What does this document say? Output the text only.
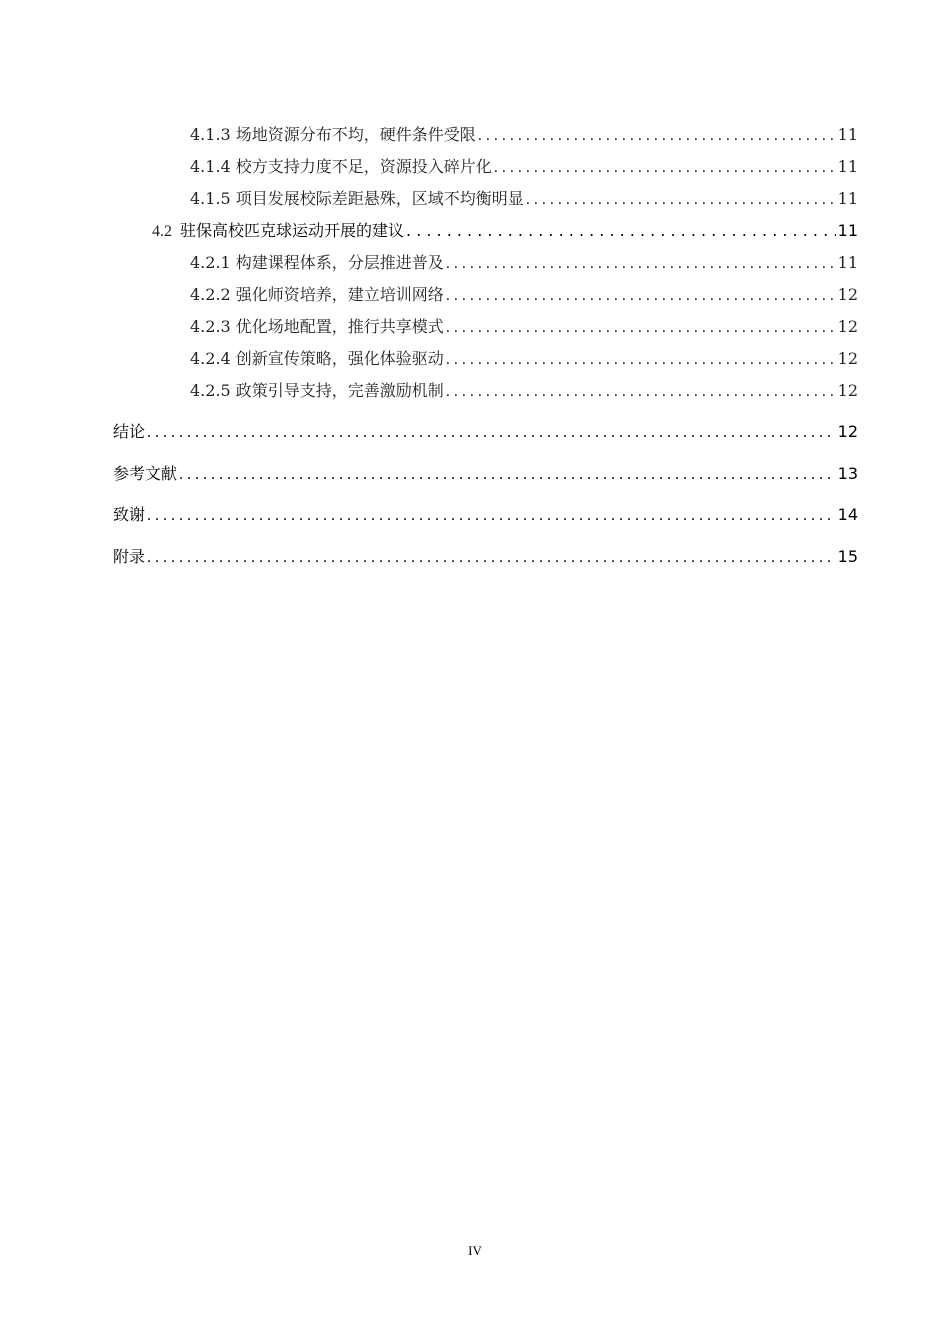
4.1.3 场地资源分布不均，硬件条件受限 . . .	11
4.1.4 校方支持力度不足，资源投入碎片化 . . .	11
4.1.5 项目发展校际差距悬殊，区域不均衡明显 . . .	11
4.2 驻保高校匹克球运动开展的建议 . . .	11
4.2.1 构建课程体系，分层推进普及 . . .	11
4.2.2 强化师资培养，建立培训网络 . . .	12
4.2.3 优化场地配置，推行共享模式 . . .	12
4.2.4 创新宣传策略，强化体验驱动 . . .	12
4.2.5 政策引导支持，完善激励机制 . . .	12
结论 . . .	12
参考文献 . . .	13
致谢 . . .	14
附录 . . .	15
IV
